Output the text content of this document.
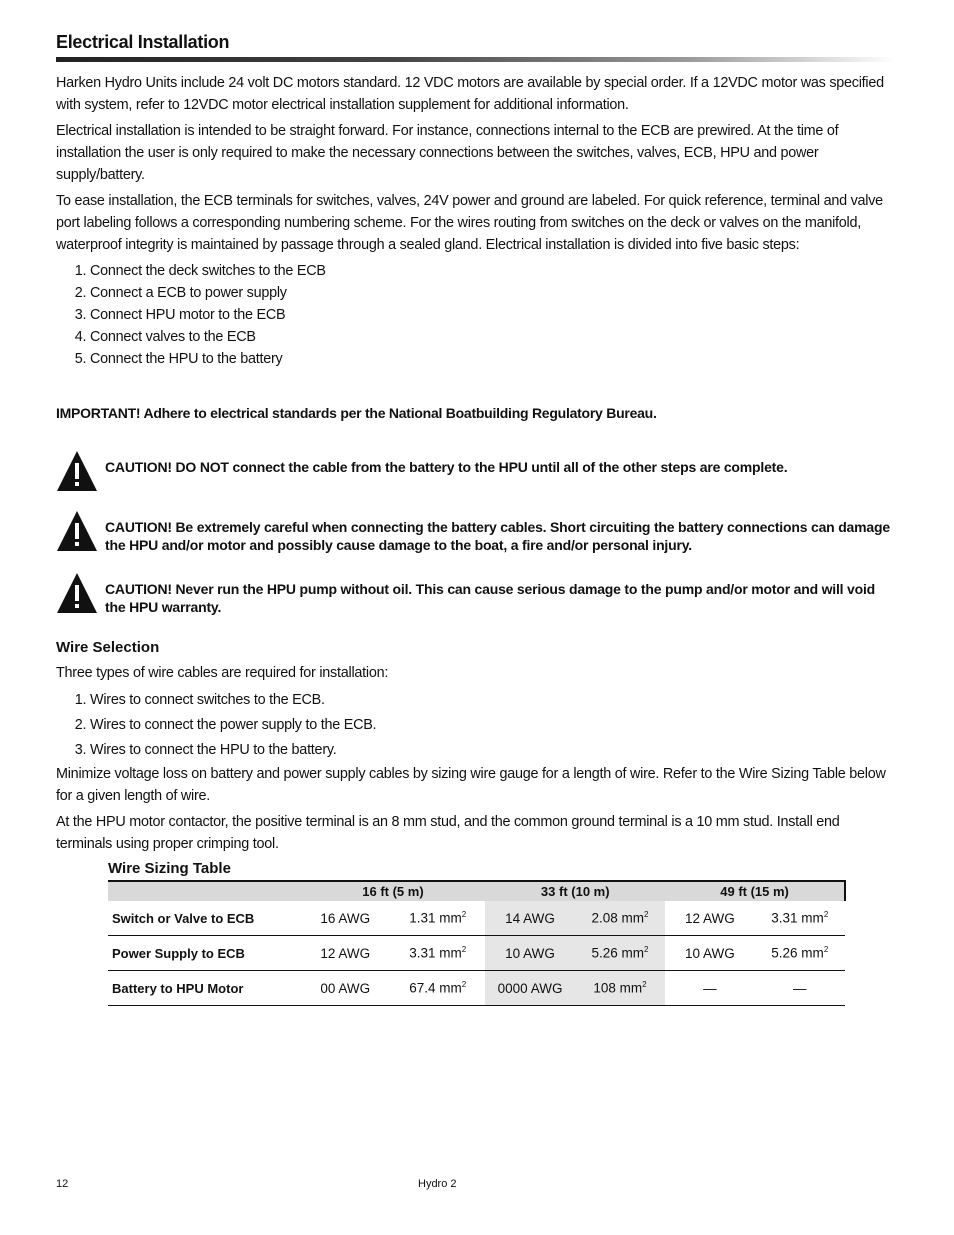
Electrical Installation

Harken Hydro Units include 24 volt DC motors standard. 12 VDC motors are available by special order. If a 12VDC motor was specified with system, refer to 12VDC motor electrical installation supplement for additional information.

Electrical installation is intended to be straight forward. For instance, connections internal to the ECB are prewired. At the time of installation the user is only required to make the necessary connections between the switches, valves, ECB, HPU and power supply/battery.

To ease installation, the ECB terminals for switches, valves, 24V power and ground are labeled. For quick reference, terminal and valve port labeling follows a corresponding numbering scheme. For the wires routing from switches on the deck or valves on the manifold, waterproof integrity is maintained by passage through a sealed gland. Electrical installation is divided into five basic steps:

1. Connect the deck switches to the ECB
2. Connect a ECB to power supply
3. Connect HPU motor to the ECB
4. Connect valves to the ECB
5. Connect the HPU to the battery

IMPORTANT! Adhere to electrical standards per the National Boatbuilding Regulatory Bureau.

CAUTION! DO NOT connect the cable from the battery to the HPU until all of the other steps are complete.
CAUTION! Be extremely careful when connecting the battery cables. Short circuiting the battery connections can damage the HPU and/or motor and possibly cause damage to the boat, a fire and/or personal injury.
CAUTION! Never run the HPU pump without oil. This can cause serious damage to the pump and/or motor and will void the HPU warranty.
Wire Selection

Three types of wire cables are required for installation:

1. Wires to connect switches to the ECB.
2. Wires to connect the power supply to the ECB.
3. Wires to connect the HPU to the battery.

Minimize voltage loss on battery and power supply cables by sizing wire gauge for a length of wire. Refer to the Wire Sizing Table below for a given length of wire.

At the HPU motor contactor, the positive terminal is an 8 mm stud, and the common ground terminal is a 10 mm stud. Install end terminals using proper crimping tool.

Wire Sizing Table
	16 ft (5 m)		33 ft (10 m)		49 ft (15 m)	
Switch or Valve to ECB	16 AWG	1.31 $mm^2$	14 AWG	2.08 $mm^2$	12 AWG	3.31 $mm^2$
Power Supply to ECB	12 AWG	3.31 $mm^2$	10 AWG	5.26 $mm^2$	10 AWG	5.26 $mm^2$
Battery to HPU Motor	00 AWG	67.4 $mm^2$	0000 AWG	108 $mm^2$	—	—
12	Hydro 2
